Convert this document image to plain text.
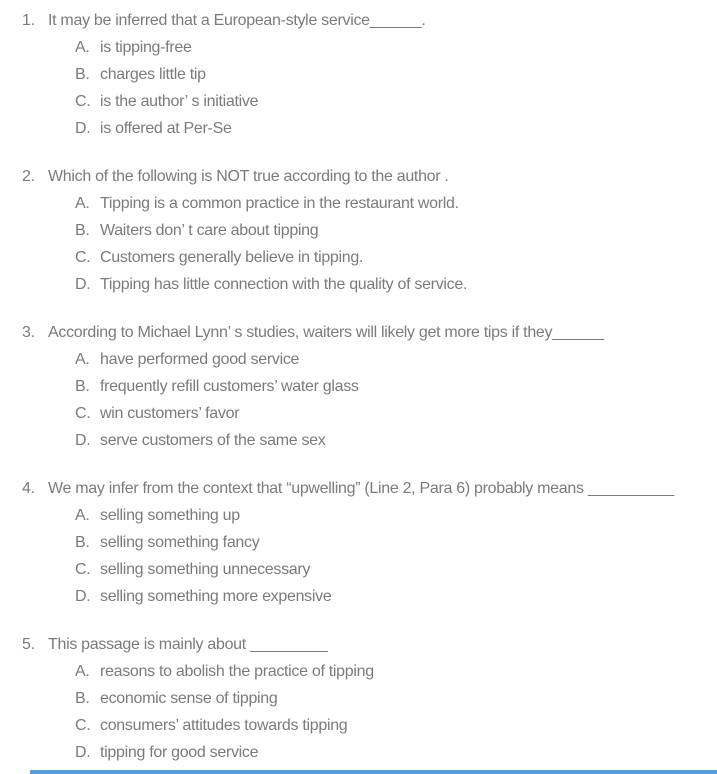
1. It may be inferred that a European-style service______.
A. is tipping-free
B. charges little tip
C. is the author’ s initiative
D. is offered at Per-Se
2. Which of the following is NOT true according to the author .
A. Tipping is a common practice in the restaurant world.
B. Waiters don’ t care about tipping
C. Customers generally believe in tipping.
D. Tipping has little connection with the quality of service.
3. According to Michael Lynn’ s studies, waiters will likely get more tips if they______
A. have performed good service
B. frequently refill customers’ water glass
C. win customers’ favor
D. serve customers of the same sex
4. We may infer from the context that “upwelling” (Line 2, Para 6) probably means __________
A. selling something up
B. selling something fancy
C. selling something unnecessary
D. selling something more expensive
5. This passage is mainly about _________
A. reasons to abolish the practice of tipping
B. economic sense of tipping
C. consumers’ attitudes towards tipping
D. tipping for good service
